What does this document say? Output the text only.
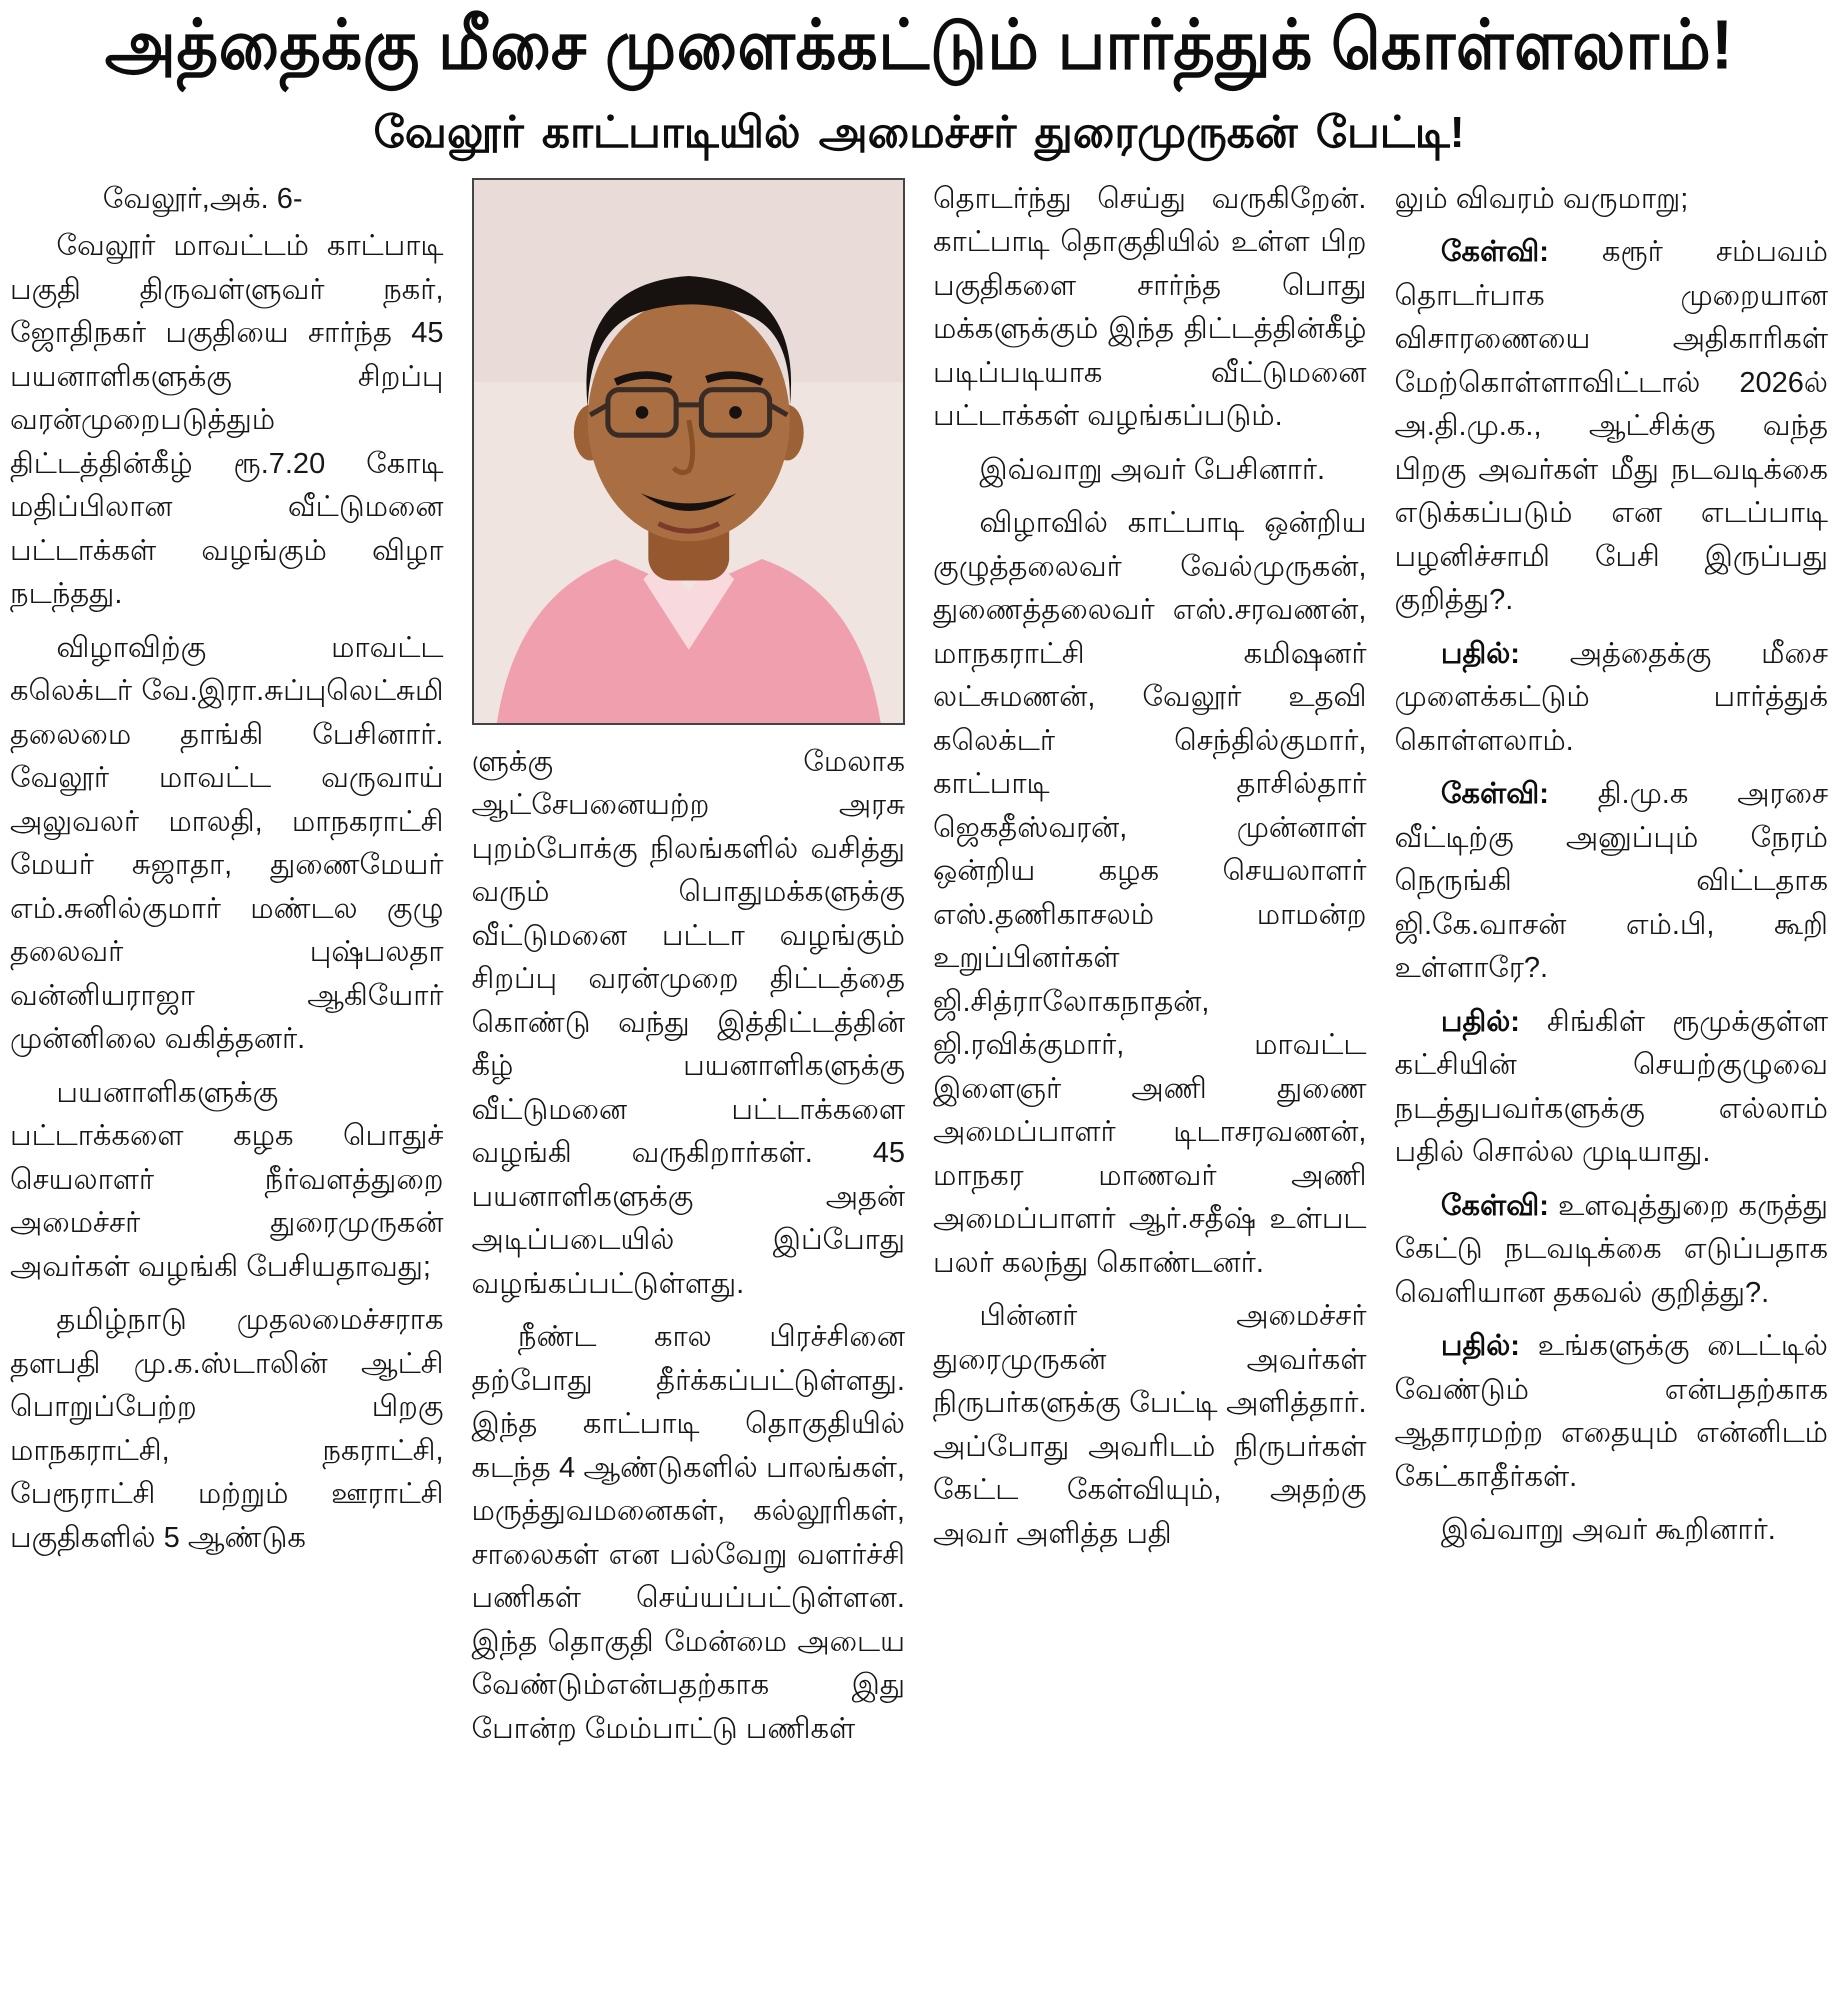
அத்தைக்கு மீசை முளைக்கட்டும் பார்த்துக் கொள்ளலாம்!
வேலூர் காட்பாடியில் அமைச்சர் துரைமுருகன் பேட்டி!

வேலூர்,அக். 6-

வேலூர் மாவட்டம் காட்பாடி பகுதி திருவள்ளுவர் நகர், ஜோதிநகர் பகுதியை சார்ந்த 45 பயனாளிகளுக்கு சிறப்பு வரன்முறைபடுத்தும் திட்டத்தின்கீழ் ரூ.7.20 கோடி மதிப்பிலான வீட்டுமனை பட்டாக்கள் வழங்கும் விழா நடந்தது.

விழாவிற்கு மாவட்ட கலெக்டர் வே.இரா.சுப்புலெட்சுமி தலைமை தாங்கி பேசினார். வேலூர் மாவட்ட வருவாய் அலுவலர் மாலதி, மாநகராட்சி மேயர் சுஜாதா, துணைமேயர் எம்.சுனில்குமார் மண்டல குழு தலைவர் புஷ்பலதா வன்னியராஜா ஆகியோர் முன்னிலை வகித்தனர்.

பயனாளிகளுக்கு பட்டாக்களை கழக பொதுச் செயலாளர் நீர்வளத்துறை அமைச்சர் துரைமுருகன் அவர்கள் வழங்கி பேசியதாவது;

தமிழ்நாடு முதலமைச்சராக தளபதி மு.க.ஸ்டாலின் ஆட்சி பொறுப்பேற்ற பிறகு மாநகராட்சி, நகராட்சி, பேரூராட்சி மற்றும் ஊராட்சி பகுதிகளில் 5 ஆண்டுக

ளுக்கு மேலாக ஆட்சேபனையற்ற அரசு புறம்போக்கு நிலங்களில் வசித்து வரும் பொதுமக்களுக்கு வீட்டுமனை பட்டா வழங்கும் சிறப்பு வரன்முறை திட்டத்தை கொண்டு வந்து இத்திட்டத்தின் கீழ் பயனாளிகளுக்கு வீட்டுமனை பட்டாக்களை வழங்கி வருகிறார்கள். 45 பயனாளிகளுக்கு அதன் அடிப்படையில் இப்போது வழங்கப்பட்டுள்ளது.

நீண்ட கால பிரச்சினை தற்போது தீர்க்கப்பட்டுள்ளது. இந்த காட்பாடி தொகுதியில் கடந்த 4 ஆண்டுகளில் பாலங்கள், மருத்துவமனைகள், கல்லூரிகள், சாலைகள் என பல்வேறு வளர்ச்சி பணிகள் செய்யப்பட்டுள்ளன. இந்த தொகுதி மேன்மை அடைய வேண்டும்என்பதற்காக இது போன்ற மேம்பாட்டு பணிகள்

தொடர்ந்து செய்து வருகிறேன். காட்பாடி தொகுதியில் உள்ள பிற பகுதிகளை சார்ந்த பொது மக்களுக்கும் இந்த திட்டத்தின்கீழ் படிப்படியாக வீட்டுமனை பட்டாக்கள் வழங்கப்படும்.

இவ்வாறு அவர் பேசினார்.

விழாவில் காட்பாடி ஒன்றிய குழுத்தலைவர் வேல்முருகன், துணைத்தலைவர் எஸ்.சரவணன், மாநகராட்சி கமிஷனர் லட்சுமணன், வேலூர் உதவி கலெக்டர் செந்தில்குமார், காட்பாடி தாசில்தார் ஜெகதீஸ்வரன், முன்னாள் ஒன்றிய கழக செயலாளர் எஸ்.தணிகாசலம் மாமன்ற உறுப்பினர்கள் ஜி.சித்ராலோகநாதன், ஜி.ரவிக்குமார், மாவட்ட இளைஞர் அணி துணை அமைப்பாளர் டிடாசரவணன், மாநகர மாணவர் அணி அமைப்பாளர் ஆர்.சதீஷ் உள்பட பலர் கலந்து கொண்டனர்.

பின்னர் அமைச்சர் துரைமுருகன் அவர்கள் நிருபர்களுக்கு பேட்டி அளித்தார். அப்போது அவரிடம் நிருபர்கள் கேட்ட கேள்வியும், அதற்கு அவர் அளித்த பதி

லும் விவரம் வருமாறு;

கேள்வி: கரூர் சம்பவம் தொடர்பாக முறையான விசாரணையை அதிகாரிகள் மேற்கொள்ளாவிட்டால் 2026ல் அ.தி.மு.க., ஆட்சிக்கு வந்த பிறகு அவர்கள் மீது நடவடிக்கை எடுக்கப்படும் என எடப்பாடி பழனிச்சாமி பேசி இருப்பது குறித்து?.

பதில்: அத்தைக்கு மீசை முளைக்கட்டும் பார்த்துக் கொள்ளலாம்.

கேள்வி: தி.மு.க அரசை வீட்டிற்கு அனுப்பும் நேரம் நெருங்கி விட்டதாக ஜி.கே.வாசன் எம்.பி, கூறி உள்ளாரே?.

பதில்: சிங்கிள் ரூமுக்குள்ள கட்சியின் செயற்குழுவை நடத்துபவர்களுக்கு எல்லாம் பதில் சொல்ல முடியாது.

கேள்வி: உளவுத்துறை கருத்து கேட்டு நடவடிக்கை எடுப்பதாக வெளியான தகவல் குறித்து?.

பதில்: உங்களுக்கு டைட்டில் வேண்டும் என்பதற்காக ஆதாரமற்ற எதையும் என்னிடம் கேட்காதீர்கள்.

இவ்வாறு அவர் கூறினார்.
